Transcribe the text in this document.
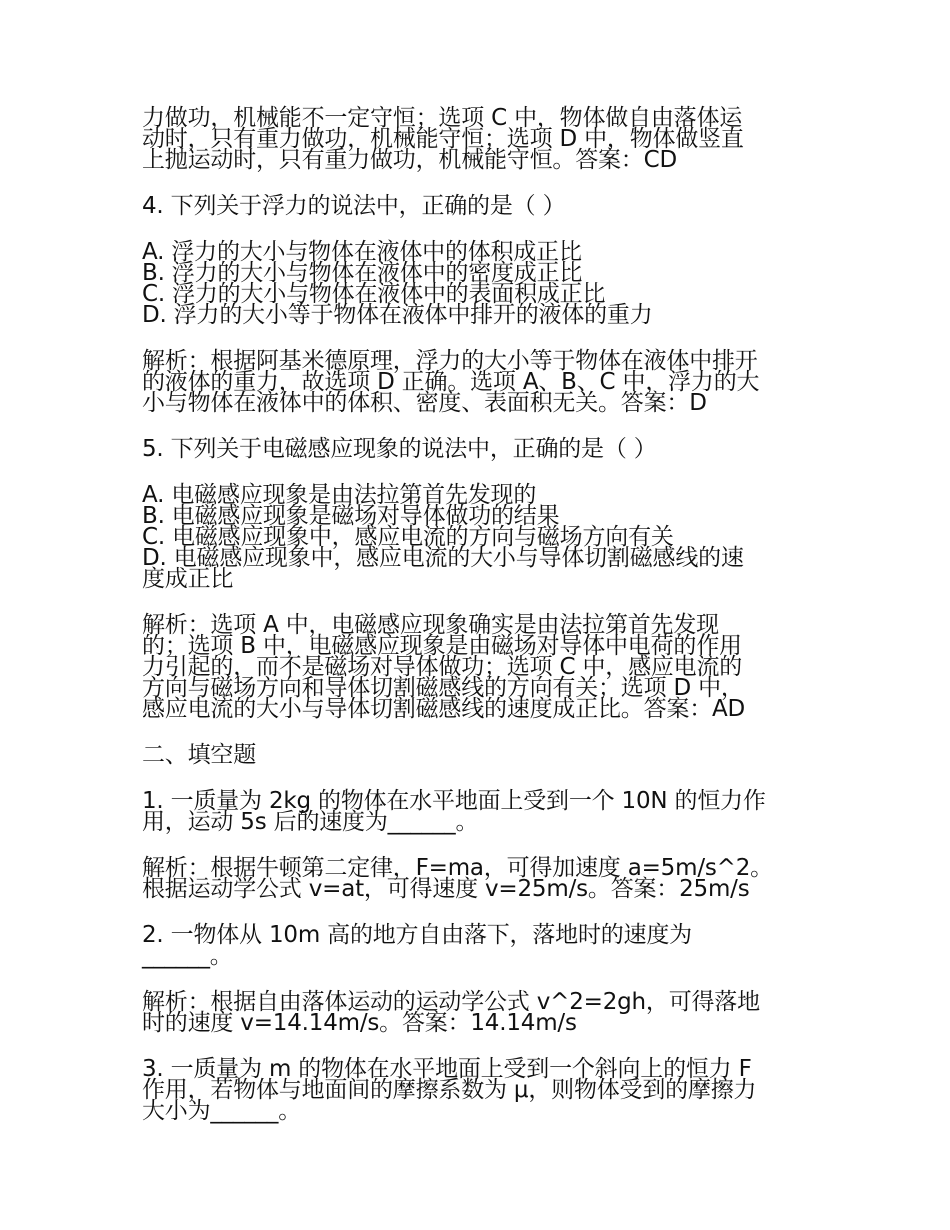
力做功，机械能不一定守恒；选项 C 中，物体做自由落体运
动时，只有重力做功，机械能守恒；选项 D 中，物体做竖直
上抛运动时，只有重力做功，机械能守恒。答案：CD

4. 下列关于浮力的说法中，正确的是（ ）

A. 浮力的大小与物体在液体中的体积成正比
B. 浮力的大小与物体在液体中的密度成正比
C. 浮力的大小与物体在液体中的表面积成正比
D. 浮力的大小等于物体在液体中排开的液体的重力

解析：根据阿基米德原理，浮力的大小等于物体在液体中排开
的液体的重力，故选项 D 正确。选项 A、B、C 中，浮力的大
小与物体在液体中的体积、密度、表面积无关。答案：D

5. 下列关于电磁感应现象的说法中，正确的是（ ）

A. 电磁感应现象是由法拉第首先发现的
B. 电磁感应现象是磁场对导体做功的结果
C. 电磁感应现象中，感应电流的方向与磁场方向有关
D. 电磁感应现象中，感应电流的大小与导体切割磁感线的速
度成正比

解析：选项 A 中，电磁感应现象确实是由法拉第首先发现
的；选项 B 中，电磁感应现象是由磁场对导体中电荷的作用
力引起的，而不是磁场对导体做功；选项 C 中，感应电流的
方向与磁场方向和导体切割磁感线的方向有关；选项 D 中，
感应电流的大小与导体切割磁感线的速度成正比。答案：AD

二、填空题

1. 一质量为 2kg 的物体在水平地面上受到一个 10N 的恒力作
用，运动 5s 后的速度为______。

解析：根据牛顿第二定律，F=ma，可得加速度 a=5m/s^2。
根据运动学公式 v=at，可得速度 v=25m/s。答案：25m/s

2. 一物体从 10m 高的地方自由落下，落地时的速度为
______。

解析：根据自由落体运动的运动学公式 v^2=2gh，可得落地
时的速度 v=14.14m/s。答案：14.14m/s

3. 一质量为 m 的物体在水平地面上受到一个斜向上的恒力 F
作用，若物体与地面间的摩擦系数为 μ，则物体受到的摩擦力
大小为______。
